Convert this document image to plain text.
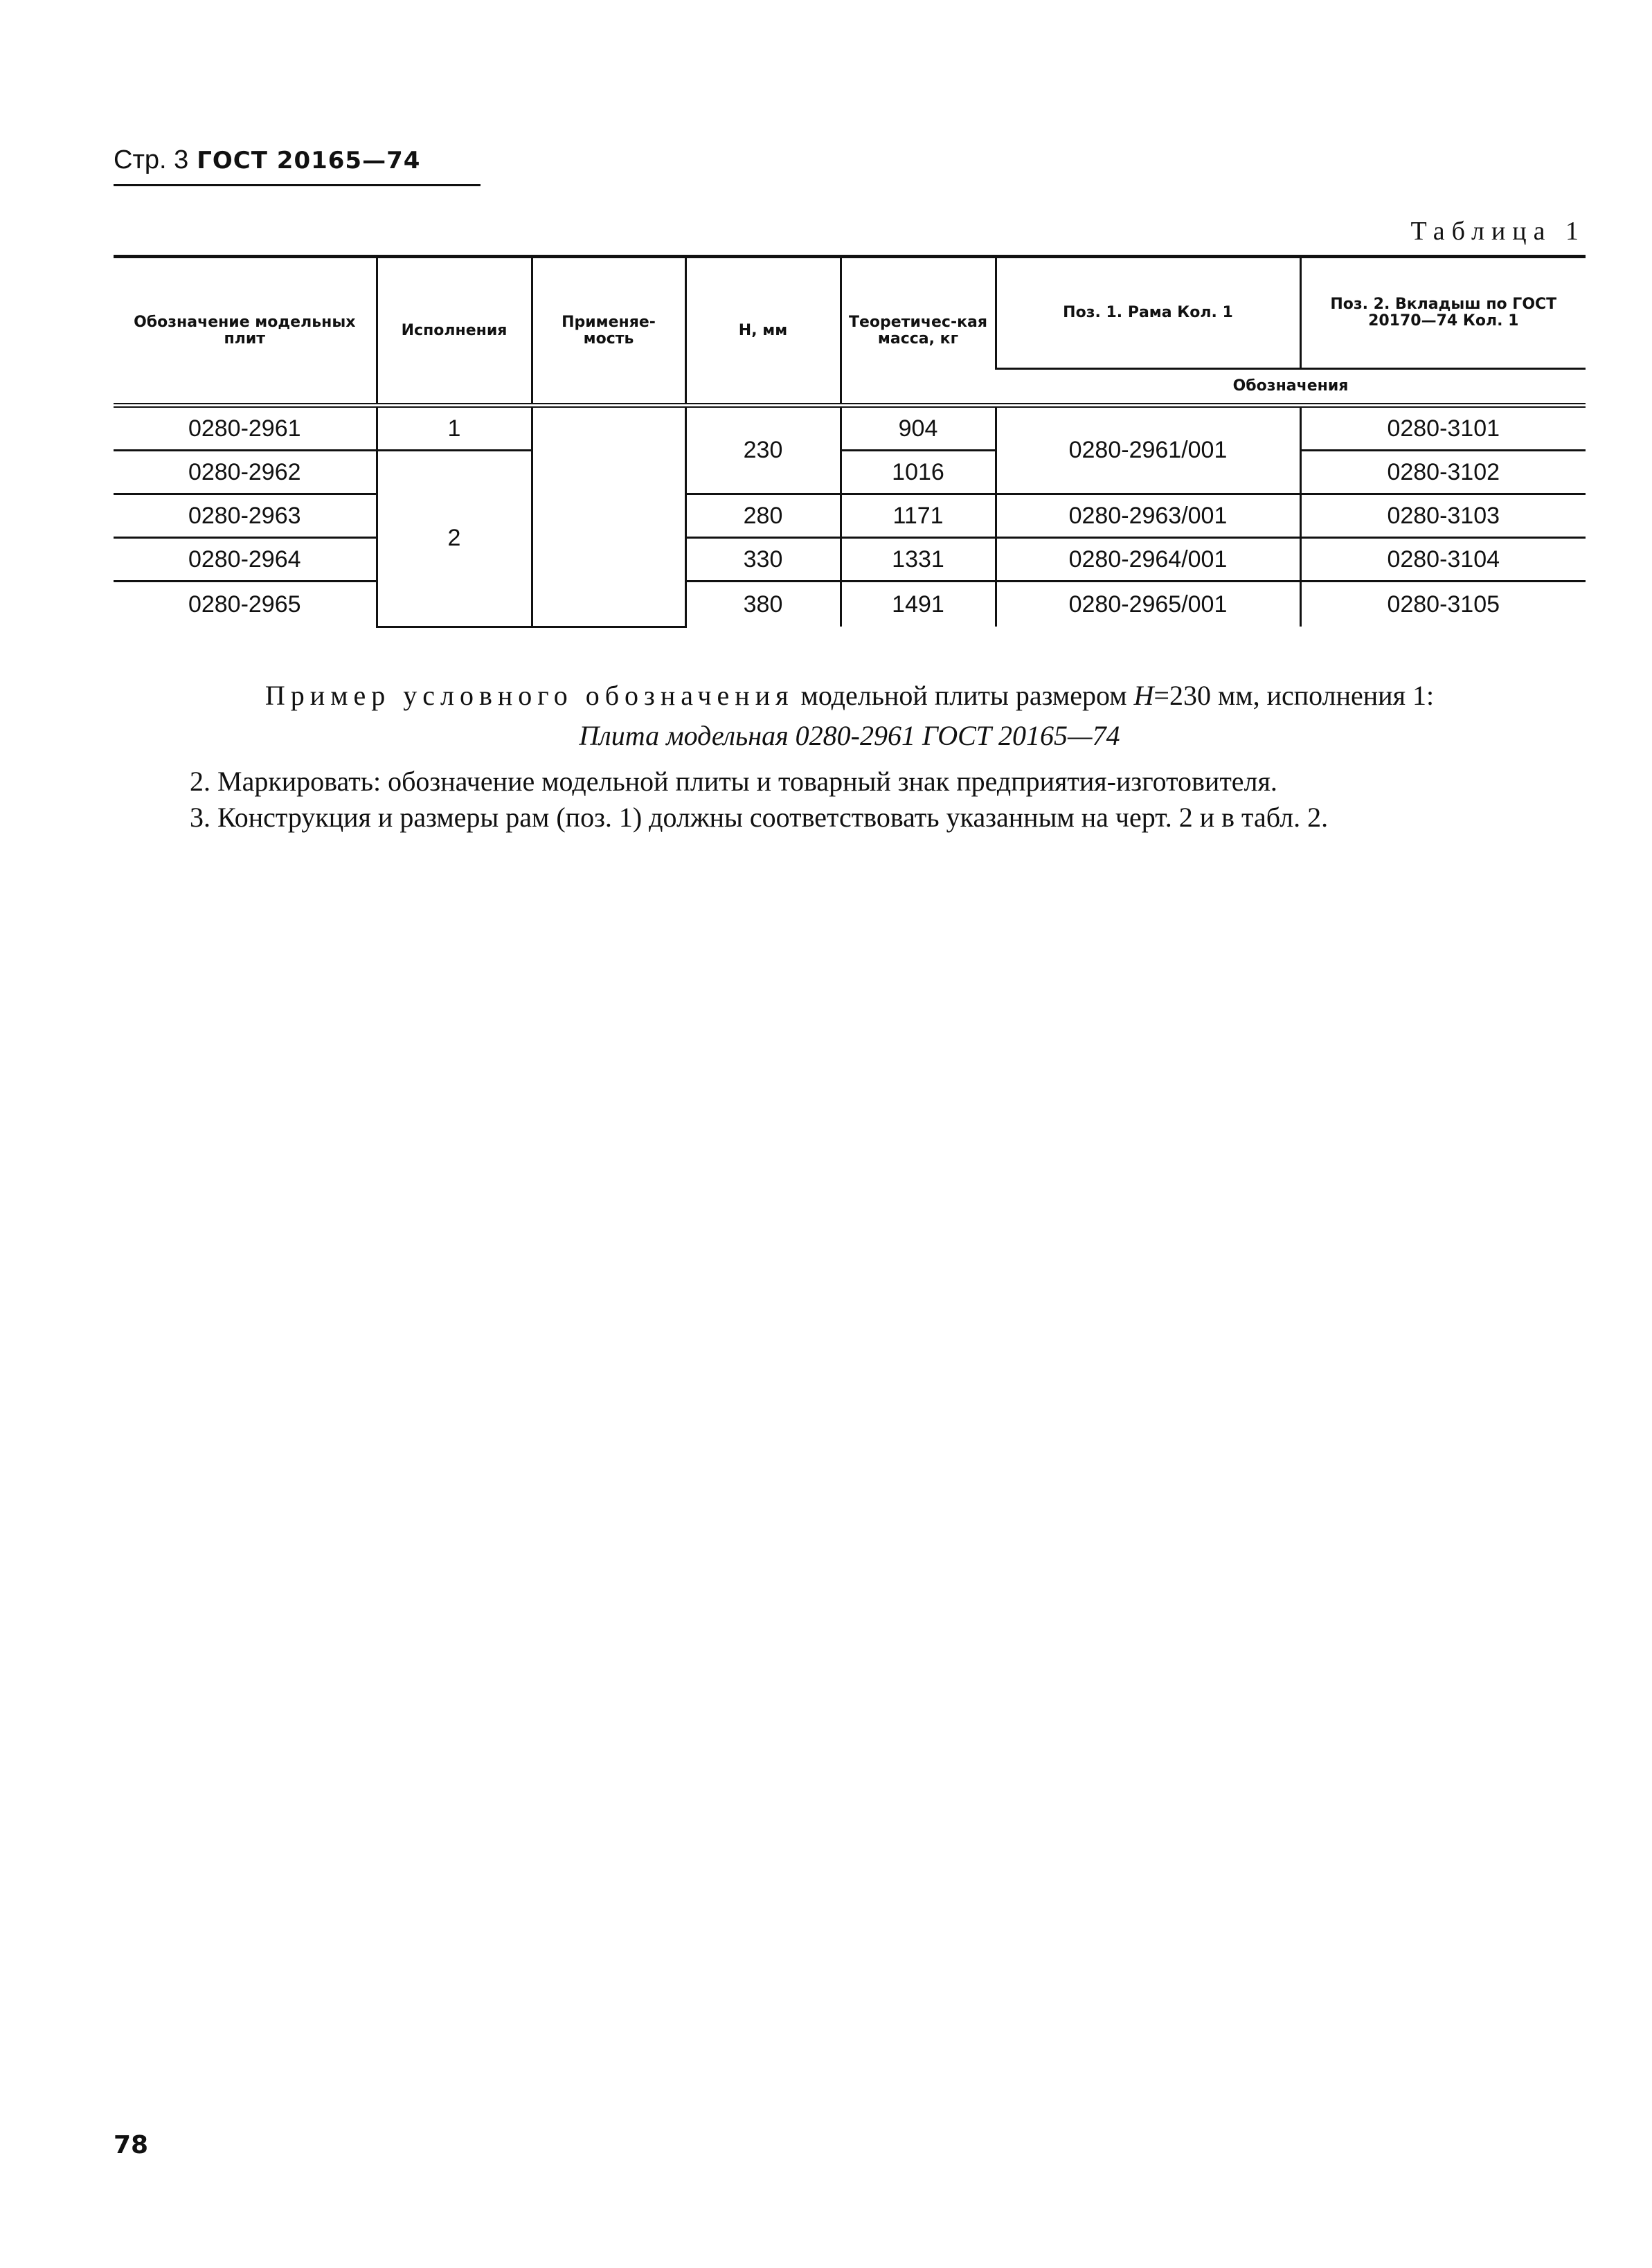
Стр. 3 ГОСТ 20165—74
Таблица 1
Обозначение модельных плит	Исполнения	Применяе-мость	H, мм	Теоретичес-кая масса, кг	Поз. 1. Рама Кол. 1	Поз. 2. Вкладыш по ГОСТ 20170—74 Кол. 1
					Обозначения	
0280-2961	1		230	904	0280-2961/001	0280-3101
0280-2962	2			1016		0280-3102
0280-2963			280	1171	0280-2963/001	0280-3103
0280-2964			330	1331	0280-2964/001	0280-3104
0280-2965			380	1491	0280-2965/001	0280-3105
Пример условного обозначения модельной плиты размером H=230 мм, исполнения 1:
Плита модельная 0280-2961 ГОСТ 20165—74
2. Маркировать: обозначение модельной плиты и товарный знак предприятия-изготовителя.
3. Конструкция и размеры рам (поз. 1) должны соответствовать указанным на черт. 2 и в табл. 2.
78
